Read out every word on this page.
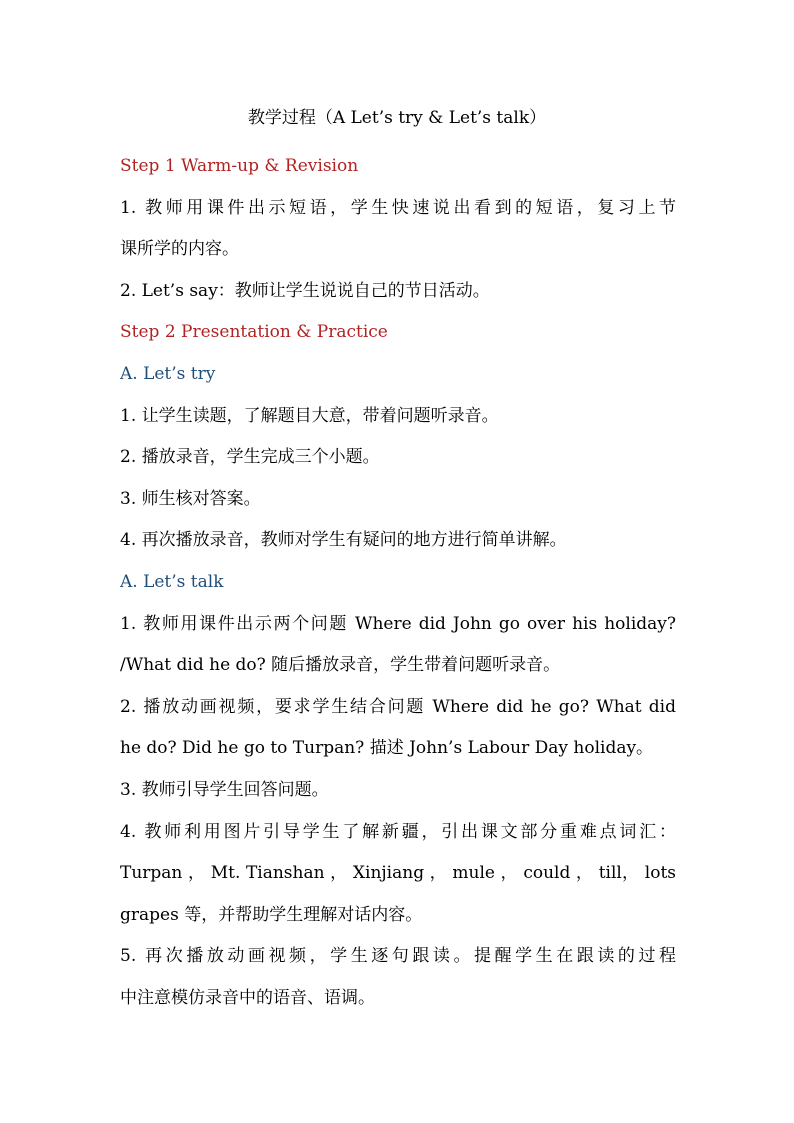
教学过程（A Let’s try & Let’s talk）
Step 1 Warm-up & Revision
1. 教师用课件出示短语，学生快速说出看到的短语，复习上节
课所学的内容。
2. Let’s say：教师让学生说说自己的节日活动。
Step 2 Presentation & Practice
A. Let’s try
1. 让学生读题，了解题目大意，带着问题听录音。
2. 播放录音，学生完成三个小题。
3. 师生核对答案。
4. 再次播放录音，教师对学生有疑问的地方进行简单讲解。
A. Let’s talk
1. 教师用课件出示两个问题 Where did John go over his holiday?
/What did he do? 随后播放录音，学生带着问题听录音。
2. 播放动画视频，要求学生结合问题 Where did he go? What did
he do? Did he go to Turpan? 描述 John’s Labour Day holiday。
3. 教师引导学生回答问题。
4. 教师利用图片引导学生了解新疆，引出课文部分重难点词汇：
Turpan ， Mt. Tianshan ， Xinjiang ， mule ， could ， till， lots
grapes 等，并帮助学生理解对话内容。
5. 再次播放动画视频，学生逐句跟读。提醒学生在跟读的过程
中注意模仿录音中的语音、语调。
